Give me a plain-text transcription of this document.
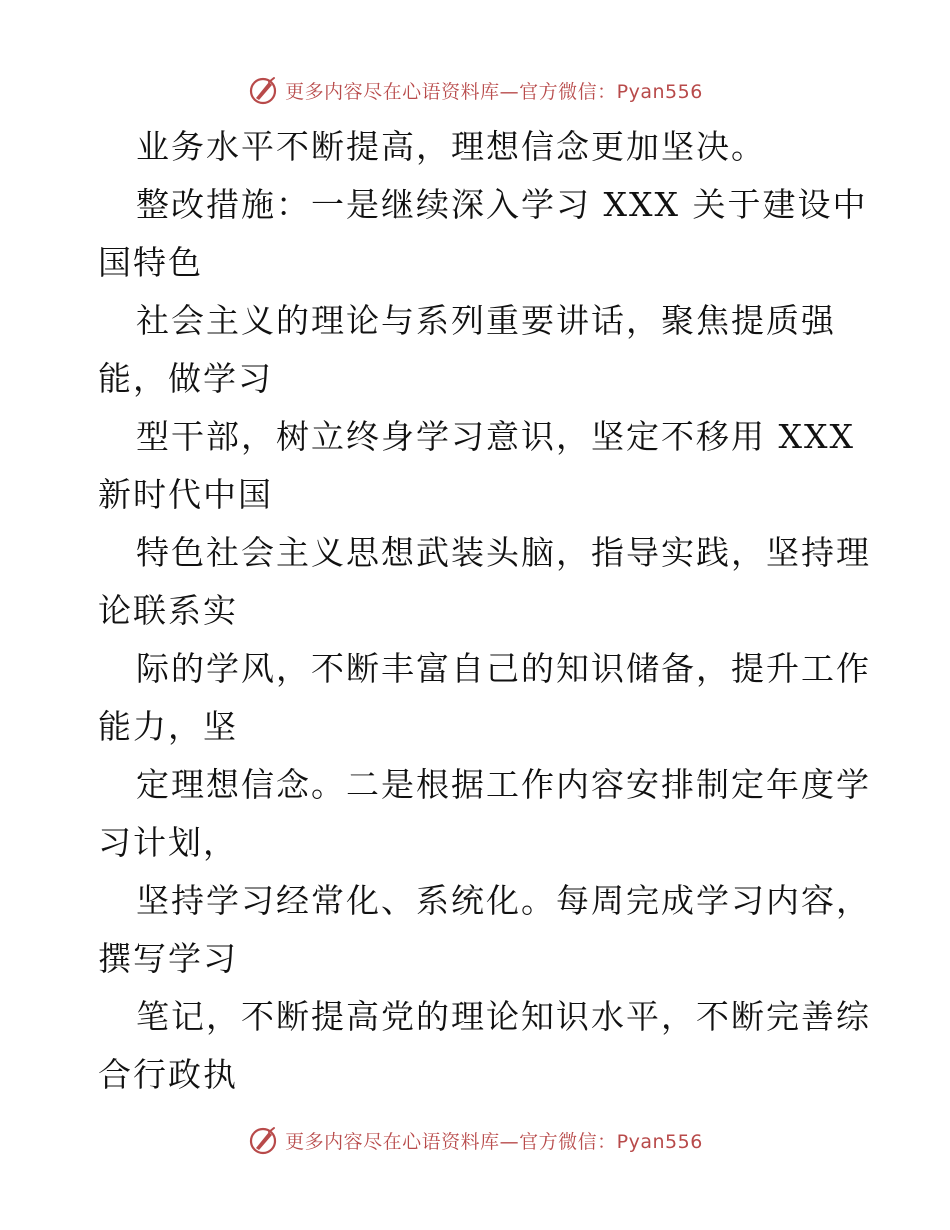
更多内容尽在心语资料库—官方微信：Pyan556
业务水平不断提高，理想信念更加坚决。
整改措施：一是继续深入学习 XXX 关于建设中
国特色
社会主义的理论与系列重要讲话，聚焦提质强
能，做学习
型干部，树立终身学习意识，坚定不移用 XXX
新时代中国
特色社会主义思想武装头脑，指导实践，坚持理
论联系实
际的学风，不断丰富自己的知识储备，提升工作
能力，坚
定理想信念。二是根据工作内容安排制定年度学
习计划，
坚持学习经常化、系统化。每周完成学习内容，
撰写学习
笔记，不断提高党的理论知识水平，不断完善综
合行政执
更多内容尽在心语资料库—官方微信：Pyan556
